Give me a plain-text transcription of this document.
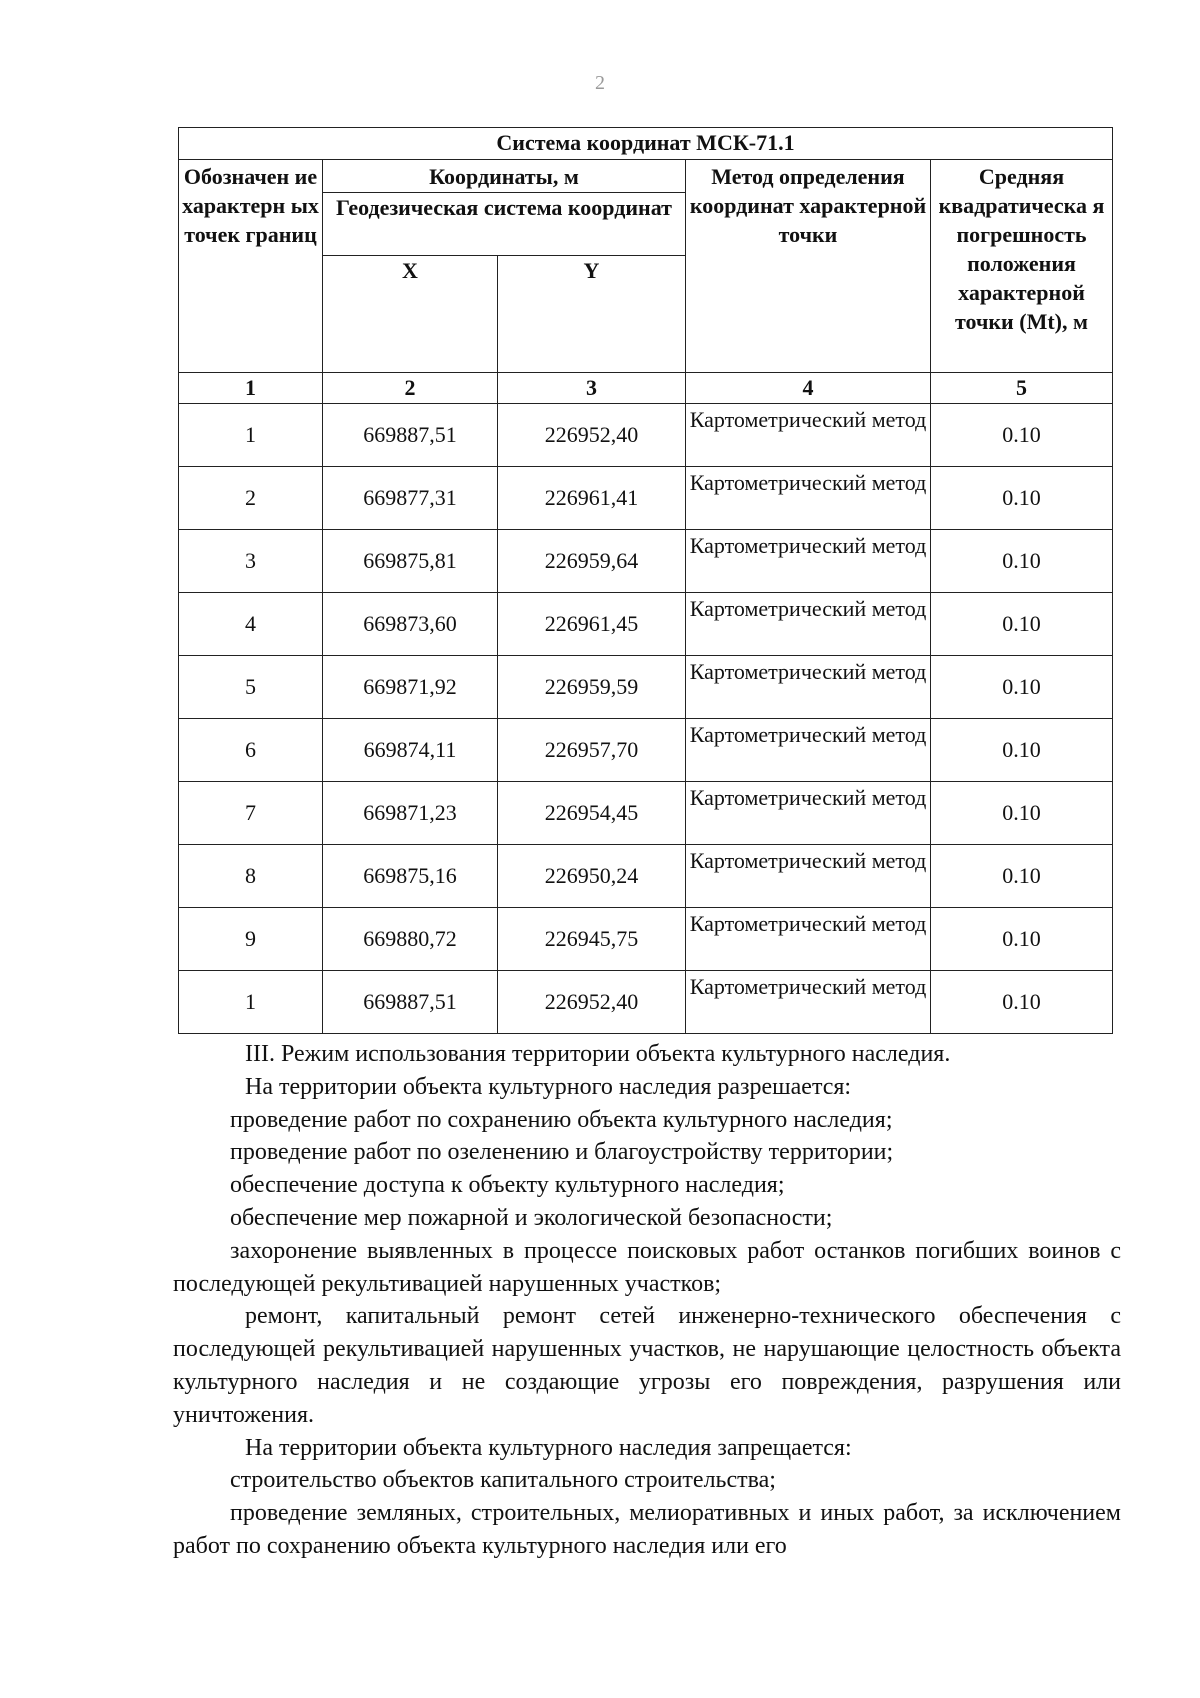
2
Система координат МСК-71.1				
Обозначен ие характерн ых точек границ	Координаты, м		Метод определения координат характерной точки	Средняя квадратическа я погрешность положения характерной точки (Mt), м
	Геодезическая система координат			
	X	Y		
1	2	3	4	5
1	669887,51	226952,40	Картометрический метод	0.10
2	669877,31	226961,41	Картометрический метод	0.10
3	669875,81	226959,64	Картометрический метод	0.10
4	669873,60	226961,45	Картометрический метод	0.10
5	669871,92	226959,59	Картометрический метод	0.10
6	669874,11	226957,70	Картометрический метод	0.10
7	669871,23	226954,45	Картометрический метод	0.10
8	669875,16	226950,24	Картометрический метод	0.10
9	669880,72	226945,75	Картометрический метод	0.10
1	669887,51	226952,40	Картометрический метод	0.10

III. Режим использования территории объекта культурного наследия.

На территории объекта культурного наследия разрешается:

проведение работ по сохранению объекта культурного наследия;

проведение работ по озеленению и благоустройству территории;

обеспечение доступа к объекту культурного наследия;

обеспечение мер пожарной и экологической безопасности;

захоронение выявленных в процессе поисковых работ останков погибших воинов с последующей рекультивацией нарушенных участков;

ремонт, капитальный ремонт сетей инженерно-технического обеспечения с последующей рекультивацией нарушенных участков, не нарушающие целостность объекта культурного наследия и не создающие угрозы его повреждения, разрушения или уничтожения.

На территории объекта культурного наследия запрещается:

строительство объектов капитального строительства;

проведение земляных, строительных, мелиоративных и иных работ, за исключением работ по сохранению объекта культурного наследия или его
